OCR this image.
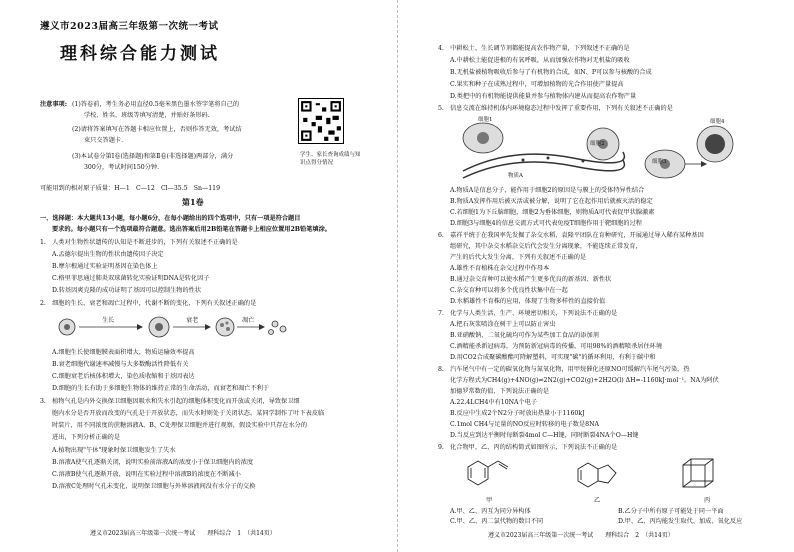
遵义市2023届高三年级第一次统一考试
理科综合能力测试
注意事项: (1)答卷前，考生务必用直径0.5毫米黑色墨水签字笔将自己的
学校、姓名、班级等填写清楚，并贴好条形码.
(2)请将答案填写在答题卡相应位置上，否则作答无效，考试结
束只交答题卡.
(3)本试卷分第Ⅰ卷(选择题)和第Ⅱ卷(非选择题)两部分，满分
300分，考试时间150分钟.
学生、家长查询成绩与知识点得分情况
可能用到的相对原子质量：H—1　C—12　Cl—35.5　Sn—119
第1卷
一、选择题：本大题共13小题，每小题6分，在每小题给出的四个选项中，只有一项是符合题目
要求的。每小题只有一个选项最符合题意。选出答案后用2B铅笔在答题卡上相应位置用2B铅笔填涂。
1.　人类对生物性状遗传的认知是不断进步的，下列有关叙述不正确的是
A.孟德尔提出生物的性状由遗传因子决定
B.摩尔根通过实验证明基因在染色体上
C.格里菲思通过肺炎双球菌转化实验证明DNA是转化因子
D.转基因爽克隆的成功证明了基因可以控制生物的性状
2.　细胞的生长、衰老和凋亡过程中，代谢不断的变化，下列有关叙述正确的是
生长	衰老	凋亡
A.细胞生长使细胞膜表面积增大，物质运输效率提高
B.衰老细胞代谢速率减慢与大多数酶活性降低有关
C.细胞衰老后核体积增大，染色质收缩和于基因表达
D.细胞的生长有助于多细胞生物体的维持正常的生命活动，而衰老和凋亡不利于
3.　植物气孔是内外交换保卫细胞因吸水和失水引起的细胞体积变化而开放或关闭，导致保卫细
胞内水分是否开放而改变的气孔是于开放状态，而失水时则处于关闭状态。某同学制作了叶下表皮临
时装片，用不同浓度的蔗糖溶液A、B、C处理保卫细胞并进行观察，假设实验中只存在水分的
进出，下列分析正确的是
A.植物出现"午休"现象时保卫细胞发生了失水
B.溶液A使气孔逐渐关闭，说明实验前溶液A的浓度小于保卫细胞内的浓度
C.溶液B使气孔逐渐开放，说明在实验过程中溶液B的浓度在不断减小
D.溶液C处理时气孔未变化，说明保卫细胞与外界溶液间没有水分子的交换
遵义市2023届高三年级第一次统一考试　　理科综合　1　（共14页）
4.　中耕松土、生长调节剂都能提高农作物产量，下列叙述不正确的是
A.中耕松土能促进根的有氧呼吸，从而加强农作物对无机盐的吸收
B.无机盐被植物吸收后参与了有机物的合成，如N、P可以参与核酸的合成
C.果实和种子在成熟过程中，可增加植物的光合作用使产量提高
D.类把中的有机物能提供能量并参与植物体内建从而提高农作物产量
5.　信息交流在维持机体内环境稳态过程中发挥了重要作用，下列有关叙述不正确的是
细胞1
细胞2
细胞3
细胞4
物质A
A.物质A是信息分子，能作用于细胞2的原因是与膜上的受体特异性结合
B.物质A发挥作用后被灭活或被分解，说明了它在起作用后就被灭活的稳定
C.若细胞1为下丘脑细胞，细胞2为垂体细胞，则物质A可代表促甲状腺激素
D.细胞3与细胞4的信息交流方式可代表免疫T细胞作用于靶细胞的过程
6.　嘉祥平统于在我国率先发掘了杂交水稻，袁隆平团队在育种研究，开展通过导入稀有某种基因
组研究，其中杂交水稻杂交后代会发生分离现象，不能连续正常发育，
产生的后代大发生分离，下列有关叙述不正确的是
A.雄性不育植株在杂交过程中作母本
B.通过杂交育种可以使水稻产生更多优良的新基因、新性状
C.杂交育种可以将多个优良性状集中在一起
D.水稻雄性不育株的应用，体现了生物多样性的直接价值
7.　化学与人类生活、生产、环境密切相关，下列说法不正确的是
A.把石灰浆喷涂在树干上可以防止害虫
B.亚硝酸钠、二氧化硫均可作为某些加工食品的添加剂
C.酒精能杀新冠病毒，为预防新冠病毒的传播，可用98%的酒精喷杀居住环境
D.用CO2合成聚碳酸酯可降解塑料，可实现"碳"的循环利用，有利于碳中和
8.　汽车尾气中有一定的碳氧化物与氮氧化物，用甲烷催化还原NO可缓解汽车尾气污染，热
化学方程式为CH4(g)+4NO(g)⇌2N2(g)+CO2(g)+2H2O(l) ΔH=-1160kJ·mol⁻¹。NA为阿伏
加德罗常数的值，下列说法正确的是
A.22.4LCH4中有10NA个电子
B.反应中生成2个N2分子时放出热量小于1160kJ
C.1mol CH4与足量的NO反应时转移的电子数是8NA
D.当反应到达平衡时每断裂4mol C—H键，同时断裂4NA个O—H键
9.　化合物甲、乙、丙的结构简式如图所示，下列说法不正确的是
甲	乙	丙
A.甲、乙、丙互为同分异构体	B.乙分子中所有原子可能处于同一平面
C.甲、乙、丙二氯代物的数目不同	D.甲、乙、丙均能发生取代、加成、氧化反应
遵义市2023届高三年级第一次统一考试　　理科综合　2　（共14页）
